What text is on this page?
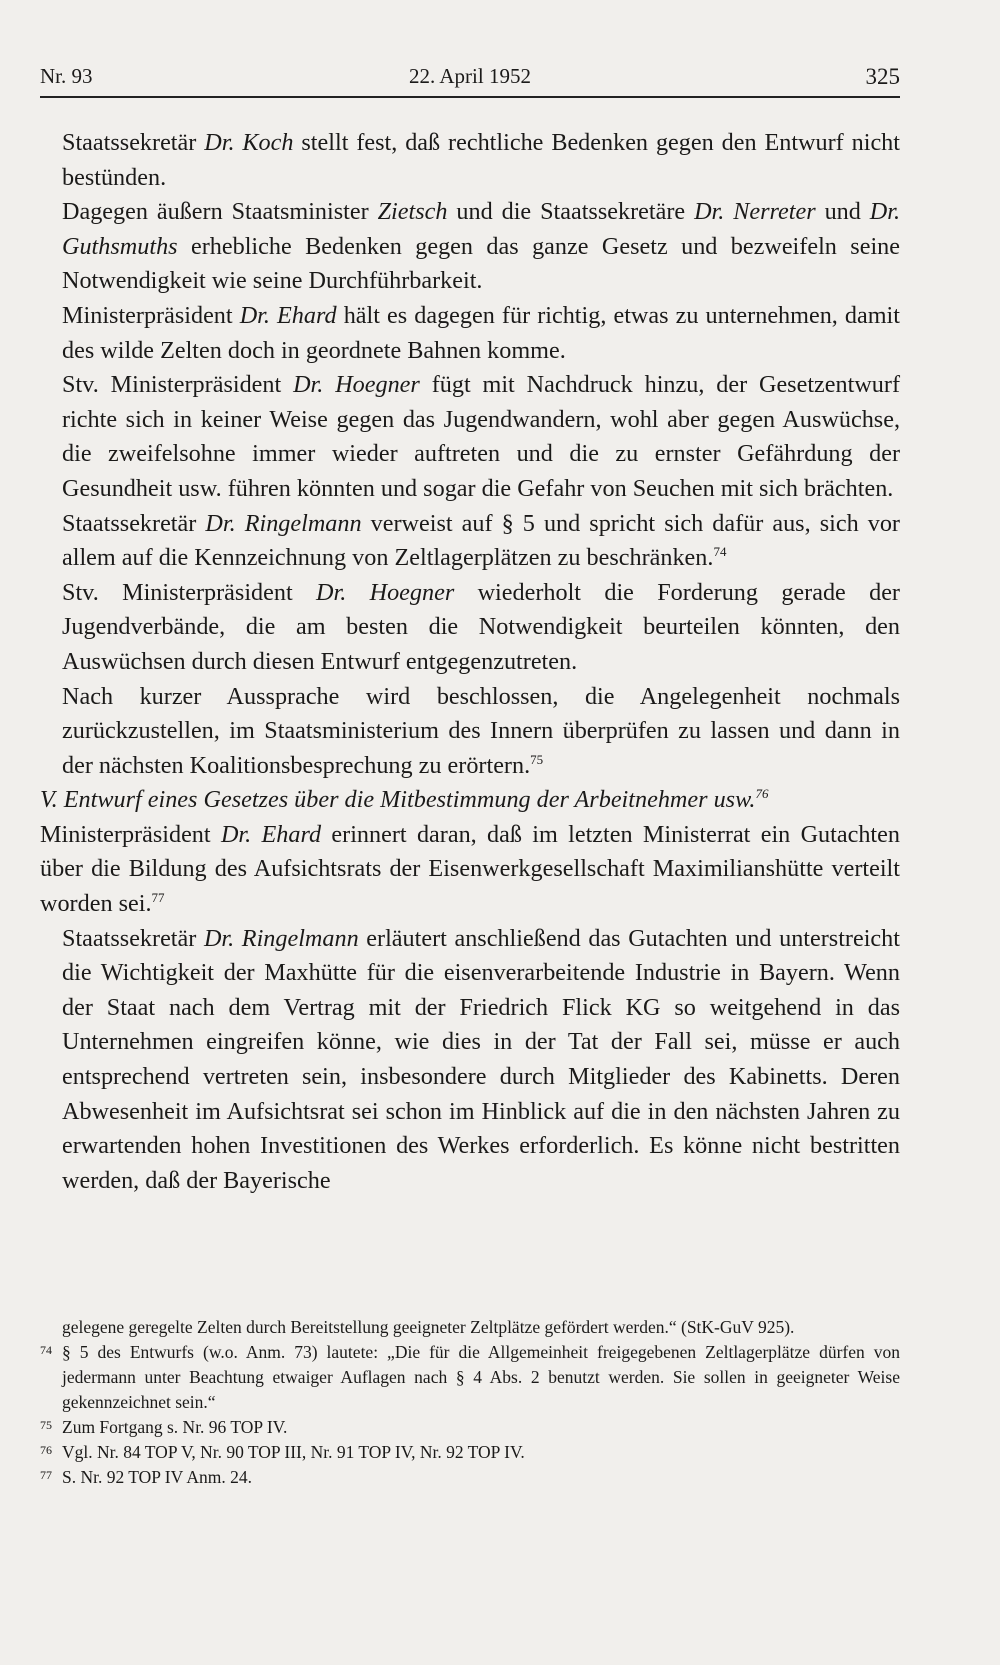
Nr. 93	22. April 1952	325

Staatssekretär Dr. Koch stellt fest, daß rechtliche Bedenken gegen den Entwurf nicht bestünden.

Dagegen äußern Staatsminister Zietsch und die Staatssekretäre Dr. Nerreter und Dr. Guthsmuths erhebliche Bedenken gegen das ganze Gesetz und bezweifeln seine Notwendigkeit wie seine Durchführbarkeit.

Ministerpräsident Dr. Ehard hält es dagegen für richtig, etwas zu unternehmen, damit des wilde Zelten doch in geordnete Bahnen komme.

Stv. Ministerpräsident Dr. Hoegner fügt mit Nachdruck hinzu, der Gesetzentwurf richte sich in keiner Weise gegen das Jugendwandern, wohl aber gegen Auswüchse, die zweifelsohne immer wieder auftreten und die zu ernster Gefährdung der Gesundheit usw. führen könnten und sogar die Gefahr von Seuchen mit sich brächten.

Staatssekretär Dr. Ringelmann verweist auf § 5 und spricht sich dafür aus, sich vor allem auf die Kennzeichnung von Zeltlagerplätzen zu beschränken.$^{74}$

Stv. Ministerpräsident Dr. Hoegner wiederholt die Forderung gerade der Jugendverbände, die am besten die Notwendigkeit beurteilen könnten, den Auswüchsen durch diesen Entwurf entgegenzutreten.

Nach kurzer Aussprache wird beschlossen, die Angelegenheit nochmals zurückzustellen, im Staatsministerium des Innern überprüfen zu lassen und dann in der nächsten Koalitionsbesprechung zu erörtern.$^{75}$

V. Entwurf eines Gesetzes über die Mitbestimmung der Arbeitnehmer usw.$^{76}$

Ministerpräsident Dr. Ehard erinnert daran, daß im letzten Ministerrat ein Gutachten über die Bildung des Aufsichtsrats der Eisenwerkgesellschaft Maximilianshütte verteilt worden sei.$^{77}$

Staatssekretär Dr. Ringelmann erläutert anschließend das Gutachten und unterstreicht die Wichtigkeit der Maxhütte für die eisenverarbeitende Industrie in Bayern. Wenn der Staat nach dem Vertrag mit der Friedrich Flick KG so weitgehend in das Unternehmen eingreifen könne, wie dies in der Tat der Fall sei, müsse er auch entsprechend vertreten sein, insbesondere durch Mitglieder des Kabinetts. Deren Abwesenheit im Aufsichtsrat sei schon im Hinblick auf die in den nächsten Jahren zu erwartenden hohen Investitionen des Werkes erforderlich. Es könne nicht bestritten werden, daß der Bayerische

gelegene geregelte Zelten durch Bereitstellung geeigneter Zeltplätze gefördert werden.“ (StK-GuV 925).

74 § 5 des Entwurfs (w.o. Anm. 73) lautete: „Die für die Allgemeinheit freigegebenen Zeltlagerplätze dürfen von jedermann unter Beachtung etwaiger Auflagen nach § 4 Abs. 2 benutzt werden. Sie sollen in geeigneter Weise gekennzeichnet sein.“

75 Zum Fortgang s. Nr. 96 TOP IV.

76 Vgl. Nr. 84 TOP V, Nr. 90 TOP III, Nr. 91 TOP IV, Nr. 92 TOP IV.

77 S. Nr. 92 TOP IV Anm. 24.
